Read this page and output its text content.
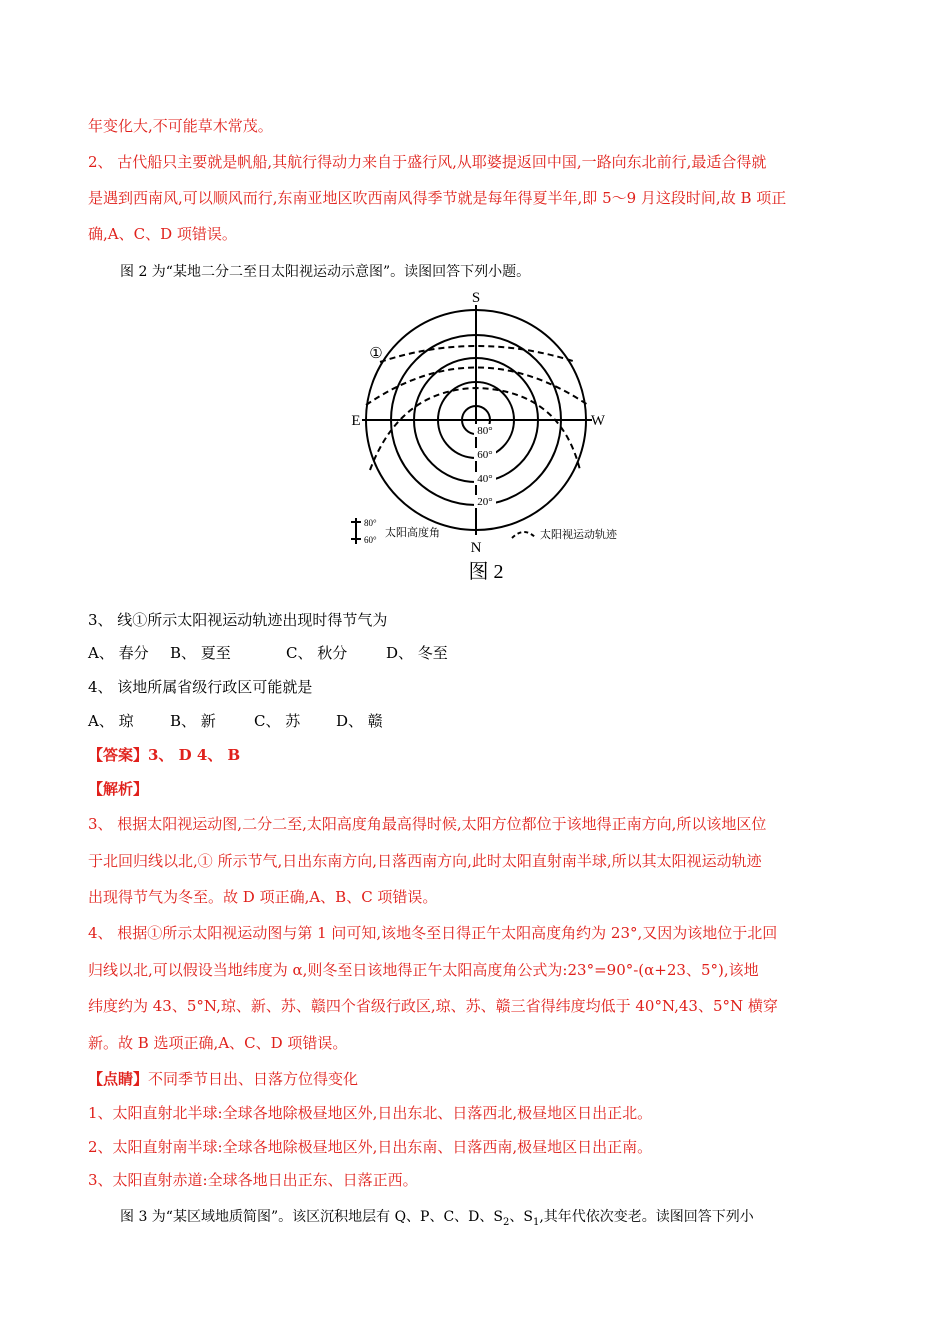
年变化大,不可能草木常茂。
2、 古代船只主要就是帆船,其航行得动力来自于盛行风,从耶婆提返回中国,一路向东北前行,最适合得就
是遇到西南风,可以顺风而行,东南亚地区吹西南风得季节就是每年得夏半年,即 5～9 月这段时间,故 B 项正
确,A、C、D 项错误。
图 2 为“某地二分二至日太阳视运动示意图”。读图回答下列小题。
S
N
E	W
①
80°
60°
40°
20°
80°
60°
太阳高度角	太阳视运动轨迹
图 2
3、 线①所示太阳视运动轨迹出现时得节气为
A、 春分 B、 夏至	C、 秋分	D、 冬至
4、 该地所属省级行政区可能就是
A、 琼 B、 新	C、 苏 D、 赣
【答案】3、 D 4、 B
【解析】
3、 根据太阳视运动图,二分二至,太阳高度角最高得时候,太阳方位都位于该地得正南方向,所以该地区位
于北回归线以北,① 所示节气,日出东南方向,日落西南方向,此时太阳直射南半球,所以其太阳视运动轨迹
出现得节气为冬至。故 D 项正确,A、B、C 项错误。
4、 根据①所示太阳视运动图与第 1 问可知,该地冬至日得正午太阳高度角约为 23°,又因为该地位于北回
归线以北,可以假设当地纬度为 α,则冬至日该地得正午太阳高度角公式为:23°=90°-(α+23、5°),该地
纬度约为 43、5°N,琼、新、苏、赣四个省级行政区,琼、苏、赣三省得纬度均低于 40°N,43、5°N 横穿
新。故 B 选项正确,A、C、D 项错误。
【点睛】不同季节日出、日落方位得变化
1、太阳直射北半球:全球各地除极昼地区外,日出东北、日落西北,极昼地区日出正北。
2、太阳直射南半球:全球各地除极昼地区外,日出东南、日落西南,极昼地区日出正南。
3、太阳直射赤道:全球各地日出正东、日落正西。
图 3 为“某区域地质简图”。该区沉积地层有 Q、P、C、D、$S_2$、$S_1$,其年代依次变老。读图回答下列小
